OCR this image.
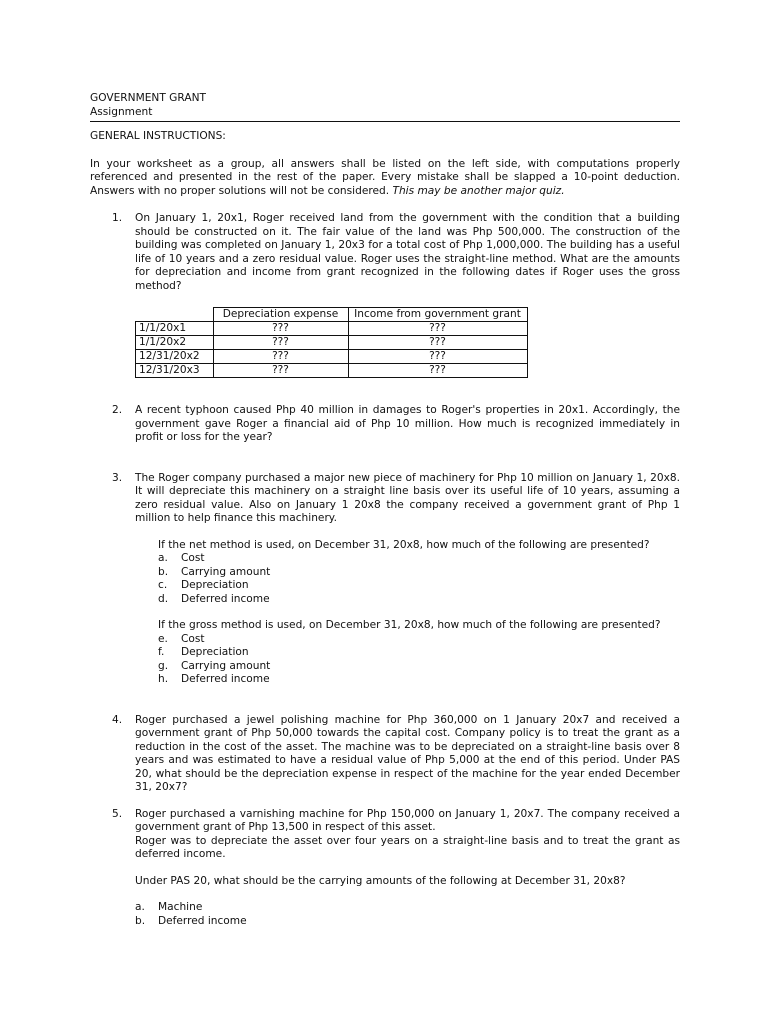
GOVERNMENT GRANT
Assignment
GENERAL INSTRUCTIONS:

In your worksheet as a group, all answers shall be listed on the left side, with computations properly referenced and presented in the rest of the paper. Every mistake shall be slapped a 10-point deduction. Answers with no proper solutions will not be considered. This may be another major quiz.

1. On January 1, 20x1, Roger received land from the government with the condition that a building should be constructed on it. The fair value of the land was Php 500,000. The construction of the building was completed on January 1, 20x3 for a total cost of Php 1,000,000. The building has a useful life of 10 years and a zero residual value. Roger uses the straight-line method. What are the amounts for depreciation and income from grant recognized in the following dates if Roger uses the gross method?

	Depreciation expense	Income from government grant
1/1/20x1	???	???
1/1/20x2	???	???
12/31/20x2	???	???
12/31/20x3	???	???
2. A recent typhoon caused Php 40 million in damages to Roger's properties in 20x1. Accordingly, the government gave Roger a financial aid of Php 10 million. How much is recognized immediately in profit or loss for the year?

3. The Roger company purchased a major new piece of machinery for Php 10 million on January 1, 20x8. It will depreciate this machinery on a straight line basis over its useful life of 10 years, assuming a zero residual value. Also on January 1 20x8 the company received a government grant of Php 1 million to help finance this machinery.

If the net method is used, on December 31, 20x8, how much of the following are presented?
a. Cost
b. Carrying amount
c. Depreciation
d. Deferred income
If the gross method is used, on December 31, 20x8, how much of the following are presented?
e. Cost
f. Depreciation
g. Carrying amount
h. Deferred income
4. Roger purchased a jewel polishing machine for Php 360,000 on 1 January 20x7 and received a government grant of Php 50,000 towards the capital cost. Company policy is to treat the grant as a reduction in the cost of the asset. The machine was to be depreciated on a straight-line basis over 8 years and was estimated to have a residual value of Php 5,000 at the end of this period. Under PAS 20, what should be the depreciation expense in respect of the machine for the year ended December 31, 20x7?

5. Roger purchased a varnishing machine for Php 150,000 on January 1, 20x7. The company received a government grant of Php 13,500 in respect of this asset.

Roger was to depreciate the asset over four years on a straight-line basis and to treat the grant as deferred income.

Under PAS 20, what should be the carrying amounts of the following at December 31, 20x8?

a. Machine
b. Deferred income
